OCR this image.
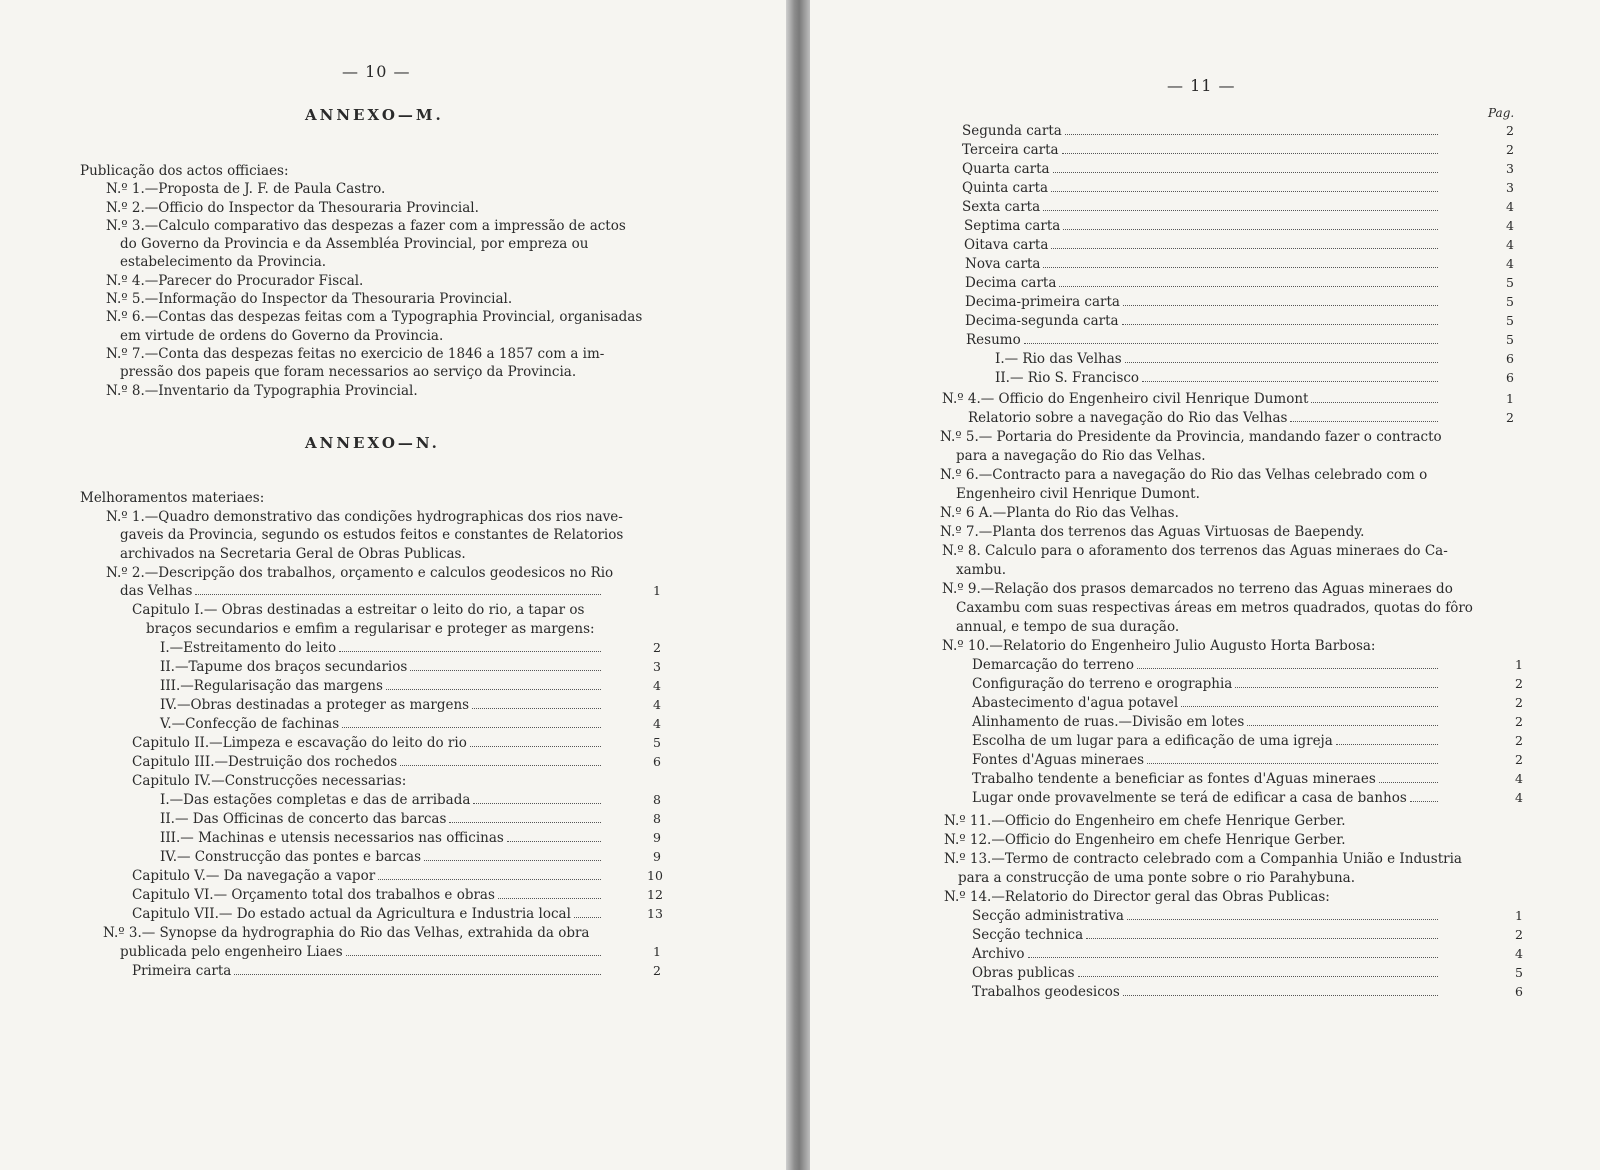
— 10 —
ANNEXO—M.
Publicação dos actos officiaes:
N.º 1.—Proposta de J. F. de Paula Castro.
N.º 2.—Officio do Inspector da Thesouraria Provincial.
N.º 3.—Calculo comparativo das despezas a fazer com a impressão de actos
do Governo da Provincia e da Assembléa Provincial, por empreza ou
estabelecimento da Provincia.
N.º 4.—Parecer do Procurador Fiscal.
N.º 5.—Informação do Inspector da Thesouraria Provincial.
N.º 6.—Contas das despezas feitas com a Typographia Provincial, organisadas
em virtude de ordens do Governo da Provincia.
N.º 7.—Conta das despezas feitas no exercicio de 1846 a 1857 com a im-
pressão dos papeis que foram necessarios ao serviço da Provincia.
N.º 8.—Inventario da Typographia Provincial.
ANNEXO—N.
Melhoramentos materiaes:
N.º 1.—Quadro demonstrativo das condições hydrographicas dos rios nave-
gaveis da Provincia, segundo os estudos feitos e constantes de Relatorios
archivados na Secretaria Geral de Obras Publicas.
N.º 2.—Descripção dos trabalhos, orçamento e calculos geodesicos no Rio
das Velhas	1
Capitulo I.— Obras destinadas a estreitar o leito do rio, a tapar os
braços secundarios e emfim a regularisar e proteger as margens:
I.—Estreitamento do leito	2
II.—Tapume dos braços secundarios	3
III.—Regularisação das margens	4
IV.—Obras destinadas a proteger as margens	4
V.—Confecção de fachinas	4
Capitulo II.—Limpeza e escavação do leito do rio	5
Capitulo III.—Destruição dos rochedos	6
Capitulo IV.—Construcções necessarias:
I.—Das estações completas e das de arribada	8
II.— Das Officinas de concerto das barcas	8
III.— Machinas e utensis necessarios nas officinas	9
IV.— Construcção das pontes e barcas	9
Capitulo V.— Da navegação a vapor	10
Capitulo VI.— Orçamento total dos trabalhos e obras	12
Capitulo VII.— Do estado actual da Agricultura e Industria local	13
N.º 3.— Synopse da hydrographia do Rio das Velhas, extrahida da obra
publicada pelo engenheiro Liaes	1
Primeira carta	2
— 11 —
Pag.
Segunda carta	2
Terceira carta	2
Quarta carta	3
Quinta carta	3
Sexta carta	4
Septima carta	4
Oitava carta	4
Nova carta	4
Decima carta	5
Decima-primeira carta	5
Decima-segunda carta	5
Resumo	5
I.— Rio das Velhas	6
II.— Rio S. Francisco	6
N.º 4.— Officio do Engenheiro civil Henrique Dumont	1
Relatorio sobre a navegação do Rio das Velhas	2
N.º 5.— Portaria do Presidente da Provincia, mandando fazer o contracto
para a navegação do Rio das Velhas.
N.º 6.—Contracto para a navegação do Rio das Velhas celebrado com o
Engenheiro civil Henrique Dumont.
N.º 6 A.—Planta do Rio das Velhas.
N.º 7.—Planta dos terrenos das Aguas Virtuosas de Baependy.
N.º 8. Calculo para o aforamento dos terrenos das Aguas mineraes do Ca-
xambu.
N.º 9.—Relação dos prasos demarcados no terreno das Aguas mineraes do
Caxambu com suas respectivas áreas em metros quadrados, quotas do fôro
annual, e tempo de sua duração.
N.º 10.—Relatorio do Engenheiro Julio Augusto Horta Barbosa:
Demarcação do terreno	1
Configuração do terreno e orographia	2
Abastecimento d'agua potavel	2
Alinhamento de ruas.—Divisão em lotes	2
Escolha de um lugar para a edificação de uma igreja	2
Fontes d'Aguas mineraes	2
Trabalho tendente a beneficiar as fontes d'Aguas mineraes	4
Lugar onde provavelmente se terá de edificar a casa de banhos	4
N.º 11.—Officio do Engenheiro em chefe Henrique Gerber.
N.º 12.—Officio do Engenheiro em chefe Henrique Gerber.
N.º 13.—Termo de contracto celebrado com a Companhia União e Industria
para a construcção de uma ponte sobre o rio Parahybuna.
N.º 14.—Relatorio do Director geral das Obras Publicas:
Secção administrativa	1
Secção technica	2
Archivo	4
Obras publicas	5
Trabalhos geodesicos	6
